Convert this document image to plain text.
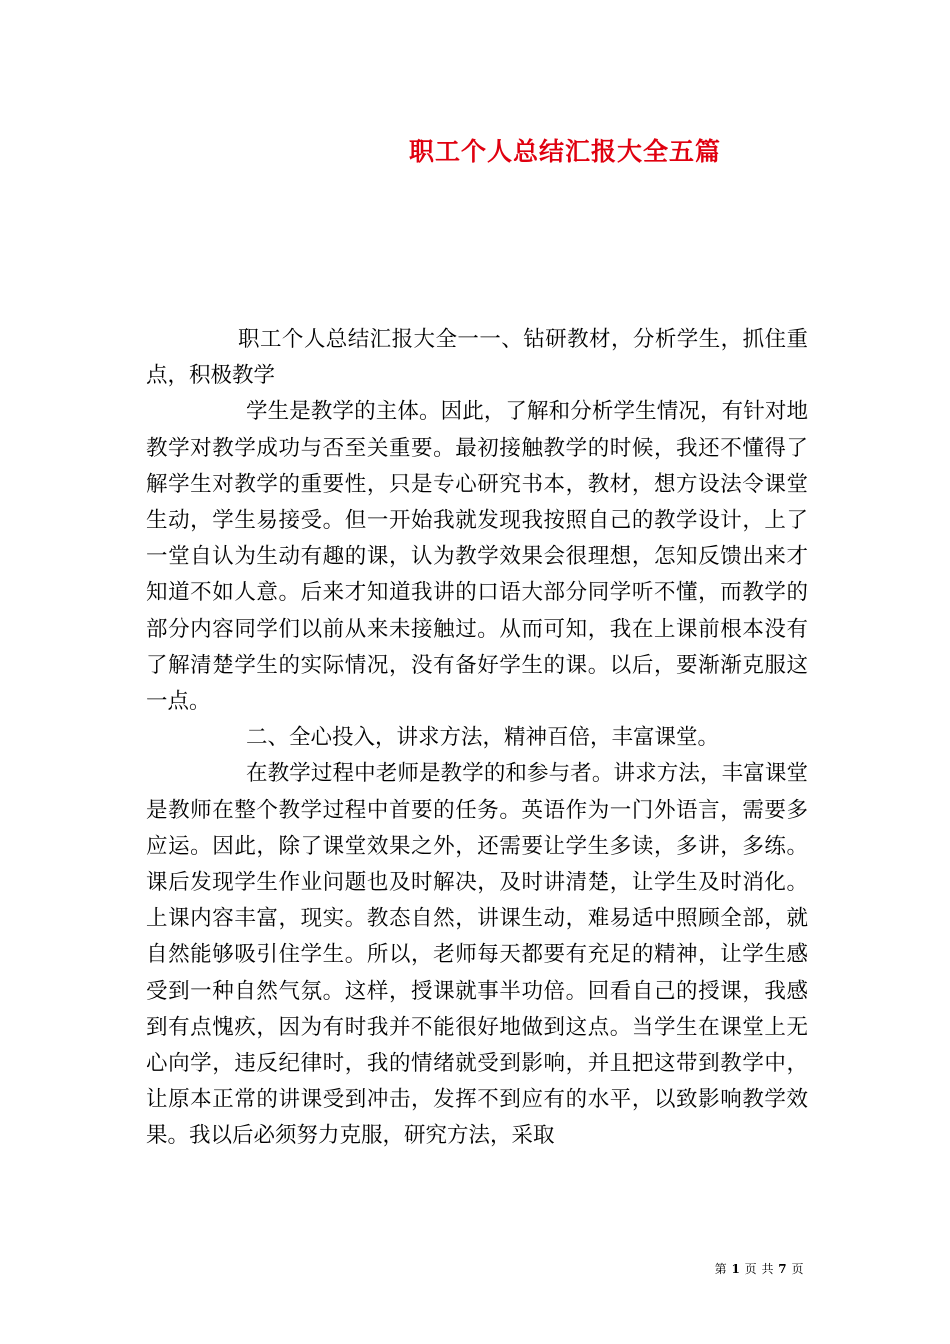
职工个人总结汇报大全五篇

职工个人总结汇报大全一一、钻研教材，分析学生，抓住重点，积极教学

学生是教学的主体。因此，了解和分析学生情况，有针对地教学对教学成功与否至关重要。最初接触教学的时候，我还不懂得了解学生对教学的重要性，只是专心研究书本，教材，想方设法令课堂生动，学生易接受。但一开始我就发现我按照自己的教学设计，上了一堂自认为生动有趣的课，认为教学效果会很理想，怎知反馈出来才知道不如人意。后来才知道我讲的口语大部分同学听不懂，而教学的部分内容同学们以前从来未接触过。从而可知，我在上课前根本没有了解清楚学生的实际情况，没有备好学生的课。以后，要渐渐克服这一点。

二、全心投入，讲求方法，精神百倍，丰富课堂。

在教学过程中老师是教学的和参与者。讲求方法，丰富课堂是教师在整个教学过程中首要的任务。英语作为一门外语言，需要多应运。因此，除了课堂效果之外，还需要让学生多读，多讲，多练。课后发现学生作业问题也及时解决，及时讲清楚，让学生及时消化。上课内容丰富，现实。教态自然，讲课生动，难易适中照顾全部，就自然能够吸引住学生。所以，老师每天都要有充足的精神，让学生感受到一种自然气氛。这样，授课就事半功倍。回看自己的授课，我感到有点愧疚，因为有时我并不能很好地做到这点。当学生在课堂上无心向学，违反纪律时，我的情绪就受到影响，并且把这带到教学中，让原本正常的讲课受到冲击，发挥不到应有的水平，以致影响教学效果。我以后必须努力克服，研究方法，采取

第 1 页 共 7 页
